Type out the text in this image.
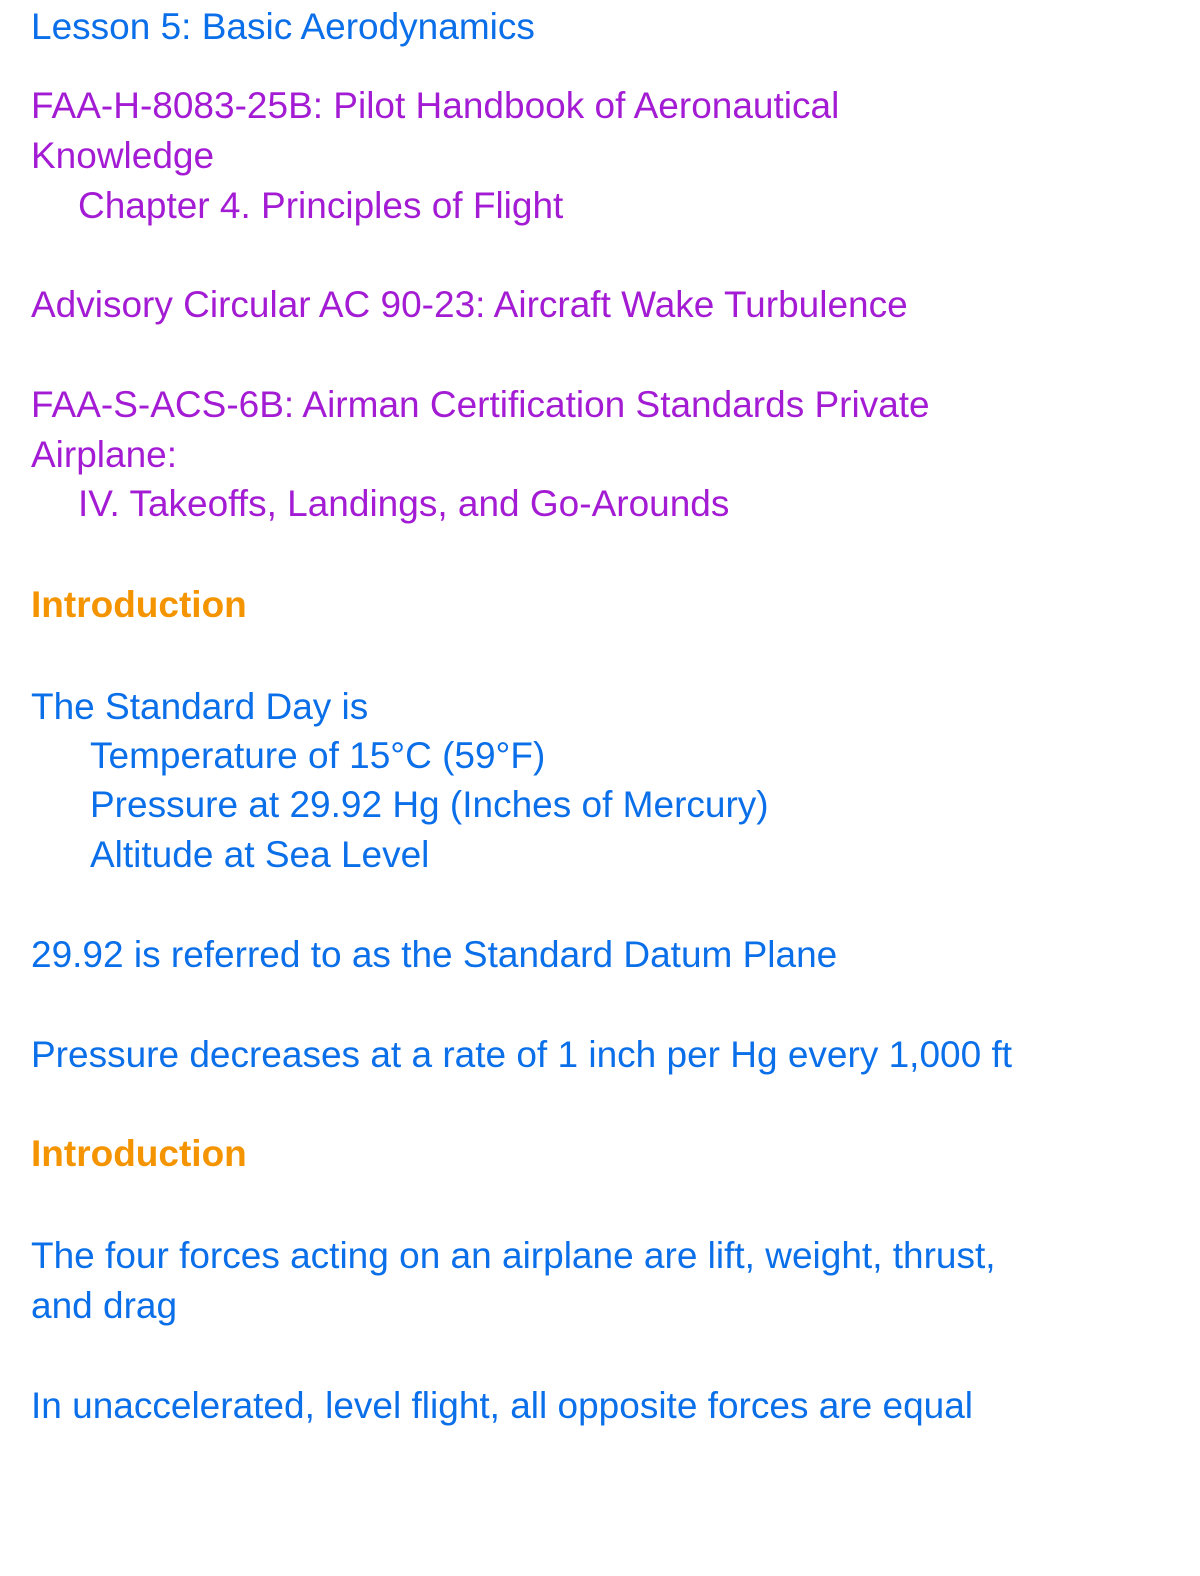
Lesson 5: Basic Aerodynamics
FAA-H-8083-25B: Pilot Handbook of Aeronautical
Knowledge
Chapter 4. Principles of Flight
Advisory Circular AC 90-23: Aircraft Wake Turbulence
FAA-S-ACS-6B: Airman Certification Standards Private
Airplane:
IV. Takeoffs, Landings, and Go-Arounds
Introduction
The Standard Day is
Temperature of 15°C (59°F)
Pressure at 29.92 Hg (Inches of Mercury)
Altitude at Sea Level
29.92 is referred to as the Standard Datum Plane
Pressure decreases at a rate of 1 inch per Hg every 1,000 ft
Introduction
The four forces acting on an airplane are lift, weight, thrust,
and drag
In unaccelerated, level flight, all opposite forces are equal
